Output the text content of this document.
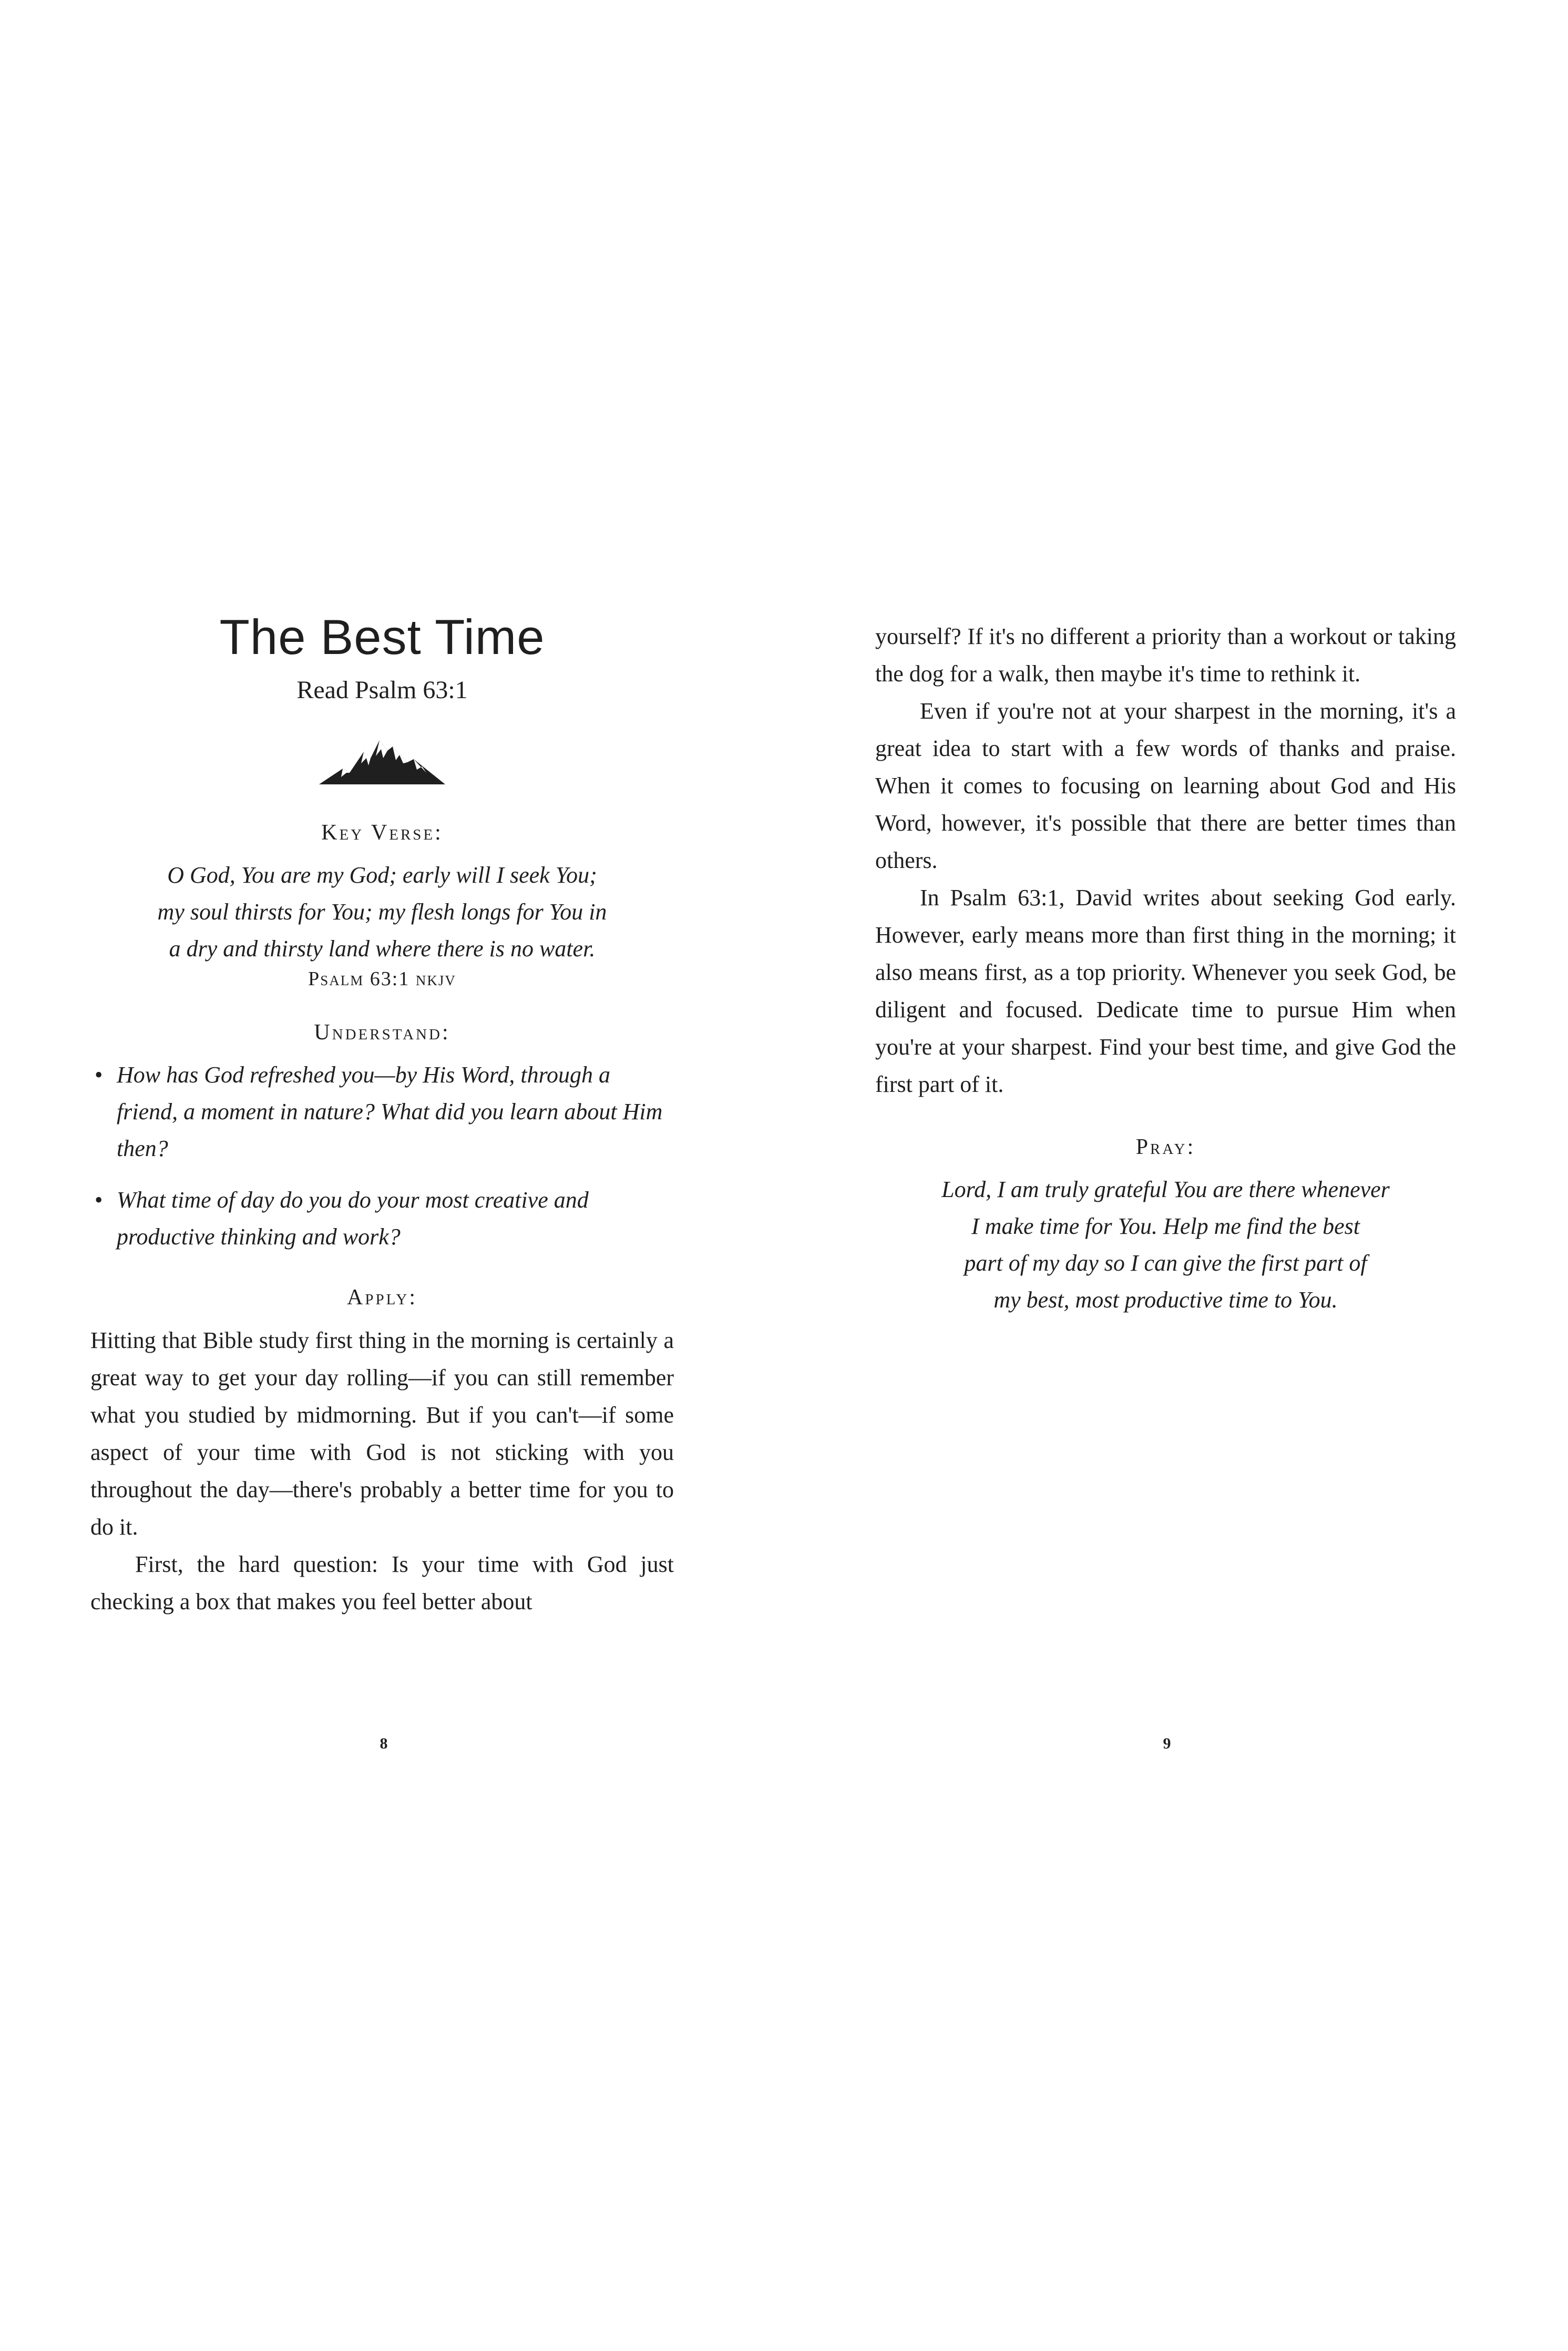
The Best Time

Read Psalm 63:1

Key Verse:

O God, You are my God; early will I seek You;

my soul thirsts for You; my flesh longs for You in

a dry and thirsty land where there is no water.

Psalm 63:1 nkjv

Understand:

• How has God refreshed you—by His Word, through a friend, a moment in nature? What did you learn about Him then?
• What time of day do you do your most creative and productive thinking and work?

Apply:

Hitting that Bible study first thing in the morning is certainly a great way to get your day rolling—if you can still remember what you studied by midmorning. But if you can't—if some aspect of your time with God is not sticking with you throughout the day—there's probably a better time for you to do it.

First, the hard question: Is your time with God just checking a box that makes you feel better about

8

yourself? If it's no different a priority than a workout or taking the dog for a walk, then maybe it's time to rethink it.

Even if you're not at your sharpest in the morning, it's a great idea to start with a few words of thanks and praise. When it comes to focusing on learning about God and His Word, however, it's possible that there are better times than others.

In Psalm 63:1, David writes about seeking God early. However, early means more than first thing in the morning; it also means first, as a top priority. Whenever you seek God, be diligent and focused. Dedicate time to pursue Him when you're at your sharpest. Find your best time, and give God the first part of it.

Pray:

Lord, I am truly grateful You are there whenever

I make time for You. Help me find the best

part of my day so I can give the first part of

my best, most productive time to You.

9
